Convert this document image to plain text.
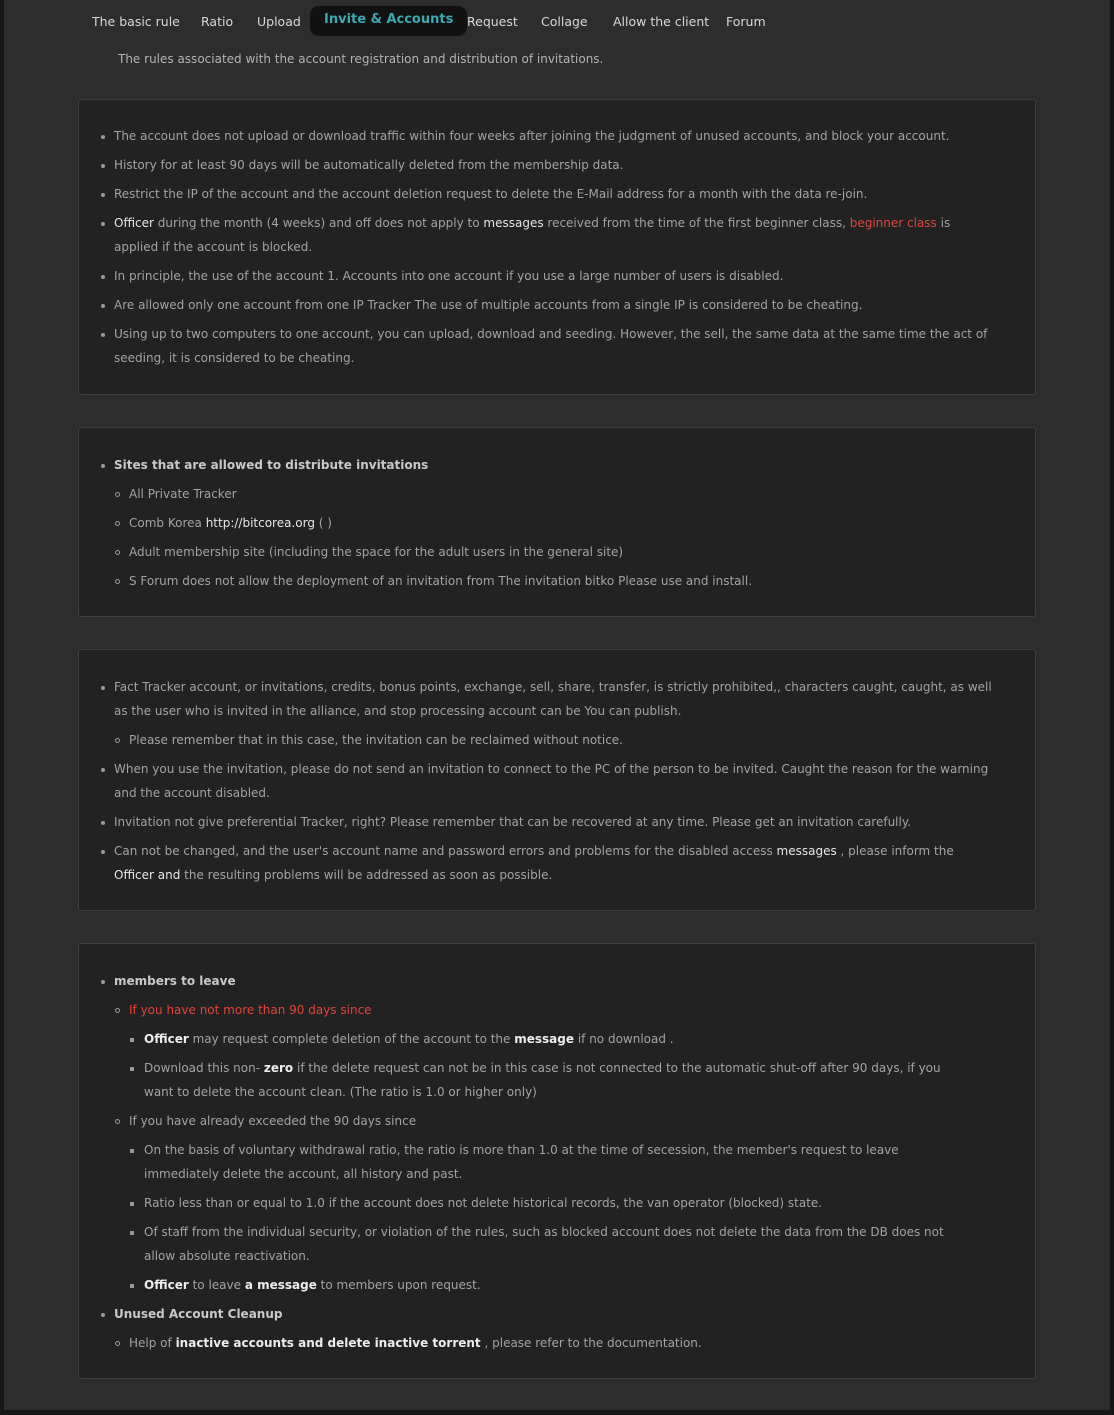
The basic rule Ratio Upload	Invite & Accounts	Request Collage Allow the client Forum
The rules associated with the account registration and distribution of invitations.
The account does not upload or download traffic within four weeks after joining the judgment of unused accounts, and block your account.
History for at least 90 days will be automatically deleted from the membership data.
Restrict the IP of the account and the account deletion request to delete the E-Mail address for a month with the data re-join.
Officer during the month (4 weeks) and off does not apply to messages received from the time of the first beginner class, beginner class is applied if the account is blocked.
In principle, the use of the account 1. Accounts into one account if you use a large number of users is disabled.
Are allowed only one account from one IP Tracker The use of multiple accounts from a single IP is considered to be cheating.
Using up to two computers to one account, you can upload, download and seeding. However, the sell, the same data at the same time the act of seeding, it is considered to be cheating.
Sites that are allowed to distribute invitations
All Private Tracker
Comb Korea http://bitcorea.org ( )
Adult membership site (including the space for the adult users in the general site)
S Forum does not allow the deployment of an invitation from The invitation bitko Please use and install.
Fact Tracker account, or invitations, credits, bonus points, exchange, sell, share, transfer, is strictly prohibited,, characters caught, caught, as well as the user who is invited in the alliance, and stop processing account can be You can publish.
Please remember that in this case, the invitation can be reclaimed without notice.
When you use the invitation, please do not send an invitation to connect to the PC of the person to be invited. Caught the reason for the warning and the account disabled.
Invitation not give preferential Tracker, right? Please remember that can be recovered at any time. Please get an invitation carefully.
Can not be changed, and the user's account name and password errors and problems for the disabled access messages , please inform the Officer and the resulting problems will be addressed as soon as possible.
members to leave
If you have not more than 90 days since
Officer may request complete deletion of the account to the message if no download .
Download this non- zero if the delete request can not be in this case is not connected to the automatic shut-off after 90 days, if you want to delete the account clean. (The ratio is 1.0 or higher only)
If you have already exceeded the 90 days since
On the basis of voluntary withdrawal ratio, the ratio is more than 1.0 at the time of secession, the member's request to leave immediately delete the account, all history and past.
Ratio less than or equal to 1.0 if the account does not delete historical records, the van operator (blocked) state.
Of staff from the individual security, or violation of the rules, such as blocked account does not delete the data from the DB does not allow absolute reactivation.
Officer to leave a message to members upon request.
Unused Account Cleanup
Help of inactive accounts and delete inactive torrent , please refer to the documentation.
